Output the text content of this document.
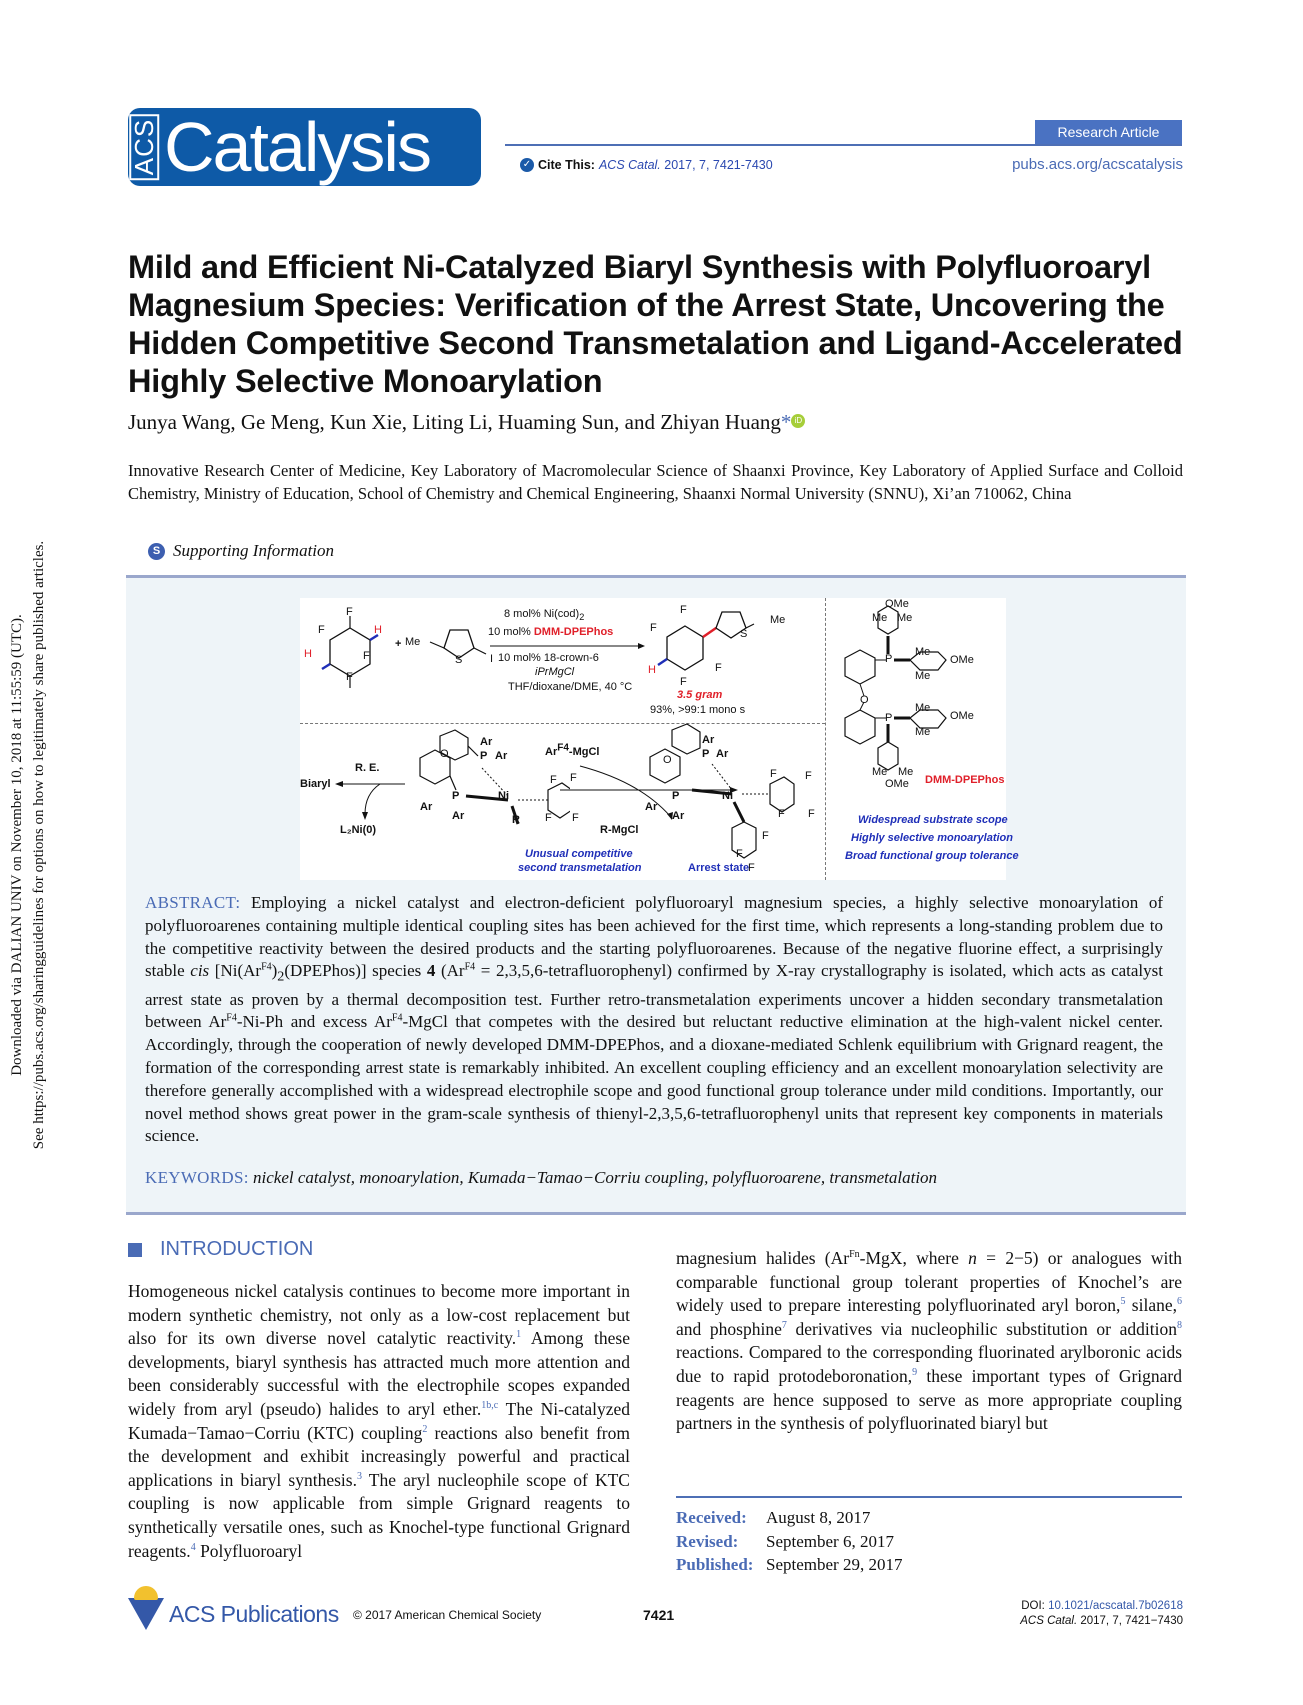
Downloaded via DALIAN UNIV on November 10, 2018 at 11:55:59 (UTC). See https://pubs.acs.org/sharingguidelines for options on how to legitimately share published articles.
ACS Catalysis	Research Article
✓ Cite This: ACS Catal. 2017, 7, 7421-7430	pubs.acs.org/acscatalysis
Mild and Efficient Ni-Catalyzed Biaryl Synthesis with Polyfluoroaryl Magnesium Species: Verification of the Arrest State, Uncovering the Hidden Competitive Second Transmetalation and Ligand-Accelerated Highly Selective Monoarylation
Junya Wang, Ge Meng, Kun Xie, Liting Li, Huaming Sun, and Zhiyan Huang* iD
Innovative Research Center of Medicine, Key Laboratory of Macromolecular Science of Shaanxi Province, Key Laboratory of Applied Surface and Colloid Chemistry, Ministry of Education, School of Chemistry and Chemical Engineering, Shaanxi Normal University (SNNU), Xi’an 710062, China
S Supporting Information
F
F	H
H	F
F
+ Me
S	I
8 mol% $Ni(cod)_2$
10 mol% DMM-DPEPhos
10 mol% 18-crown-6
iPrMgCl
THF/dioxane/DME, 40 °C
F
F	S
Me
H	F
F
3.5 gram
93%, >99:1 mono s
Biaryl
R. E.
L₂Ni(0)
O
Ar
P Ar
P
Ar
Ar
Ni
R
F F
F F
$Ar^{F4}$-MgCl
R-MgCl
O
Ar
P Ar
P
Ar
Ar
Ni
F	F
F F
F
F
F
Unusual competitive
second transmetalation	Arrest state
OMe
Me Me
P
Me
OMe
Me
O
Me
P	OMe
Me
Me Me
OMe DMM-DPEPhos
Widespread substrate scope
Highly selective monoarylation
Broad functional group tolerance

ABSTRACT: Employing a nickel catalyst and electron-deficient polyfluoroaryl magnesium species, a highly selective monoarylation of polyfluoroarenes containing multiple identical coupling sites has been achieved for the first time, which represents a long-standing problem due to the competitive reactivity between the desired products and the starting polyfluoroarenes. Because of the negative fluorine effect, a surprisingly stable cis $[Ni(Ar^{F4})_2(DPEPhos)]$ species 4 ($Ar^{F4}$ = 2,3,5,6-tetrafluorophenyl) confirmed by X-ray crystallography is isolated, which acts as catalyst arrest state as proven by a thermal decomposition test. Further retro-transmetalation experiments uncover a hidden secondary transmetalation between $Ar^{F4}-Ni-Ph$ and excess $Ar^{F4}$-MgCl that competes with the desired but reluctant reductive elimination at the high-valent nickel center. Accordingly, through the cooperation of newly developed DMM-DPEPhos, and a dioxane-mediated Schlenk equilibrium with Grignard reagent, the formation of the corresponding arrest state is remarkably inhibited. An excellent coupling efficiency and an excellent monoarylation selectivity are therefore generally accomplished with a widespread electrophile scope and good functional group tolerance under mild conditions. Importantly, our novel method shows great power in the gram-scale synthesis of thienyl-2,3,5,6-tetrafluorophenyl units that represent key components in materials science.

KEYWORDS: nickel catalyst, monoarylation, Kumada−Tamao−Corriu coupling, polyfluoroarene, transmetalation

INTRODUCTION

Homogeneous nickel catalysis continues to become more important in modern synthetic chemistry, not only as a low-cost replacement but also for its own diverse novel catalytic reactivity.$^1$ Among these developments, biaryl synthesis has attracted much more attention and been considerably successful with the electrophile scopes expanded widely from aryl (pseudo) halides to aryl ether.$^{1b,c}$ The Ni-catalyzed Kumada−Tamao−Corriu (KTC) coupling$^2$ reactions also benefit from the development and exhibit increasingly powerful and practical applications in biaryl synthesis.$^3$ The aryl nucleophile scope of KTC coupling is now applicable from simple Grignard reagents to synthetically versatile ones, such as Knochel-type functional Grignard reagents.$^4$ Polyfluoroaryl

magnesium halides ($Ar^{Fn}$-MgX, where n = 2−5) or analogues with comparable functional group tolerant properties of Knochel’s are widely used to prepare interesting polyfluorinated aryl boron,$^5$ silane,$^6$ and phosphine$^7$ derivatives via nucleophilic substitution or addition$^8$ reactions. Compared to the corresponding fluorinated arylboronic acids due to rapid protodeboronation,$^9$ these important types of Grignard reagents are hence supposed to serve as more appropriate coupling partners in the synthesis of polyfluorinated biaryl but

Received:	August 8, 2017
Revised:	September 6, 2017
Published: September 29, 2017
ACS Publications © 2017 American Chemical Society	7421
DOI: 10.1021/acscatal.7b02618
ACS Catal. 2017, 7, 7421−7430
